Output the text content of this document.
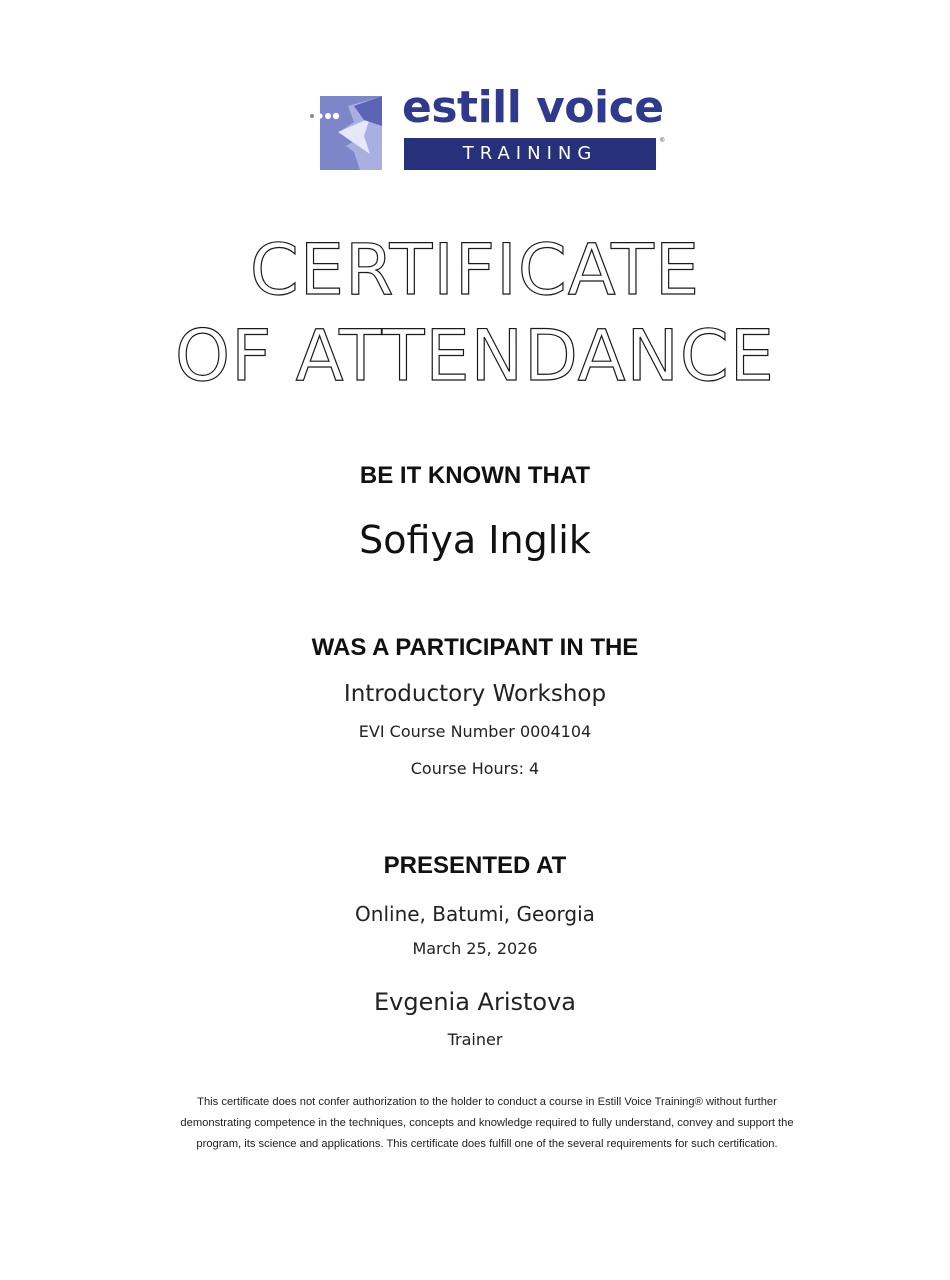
estill voice
TRAINING
®
CERTIFICATE
OF ATTENDANCE
BE IT KNOWN THAT
Sofiya Inglik
WAS A PARTICIPANT IN THE
Introductory Workshop
EVI Course Number 0004104
Course Hours: 4
PRESENTED AT
Online, Batumi, Georgia
March 25, 2026
Evgenia Aristova
Trainer
This certificate does not confer authorization to the holder to conduct a course in Estill Voice Training® without further demonstrating competence in the techniques, concepts and knowledge required to fully understand, convey and support the program, its science and applications. This certificate does fulfill one of the several requirements for such certification.
